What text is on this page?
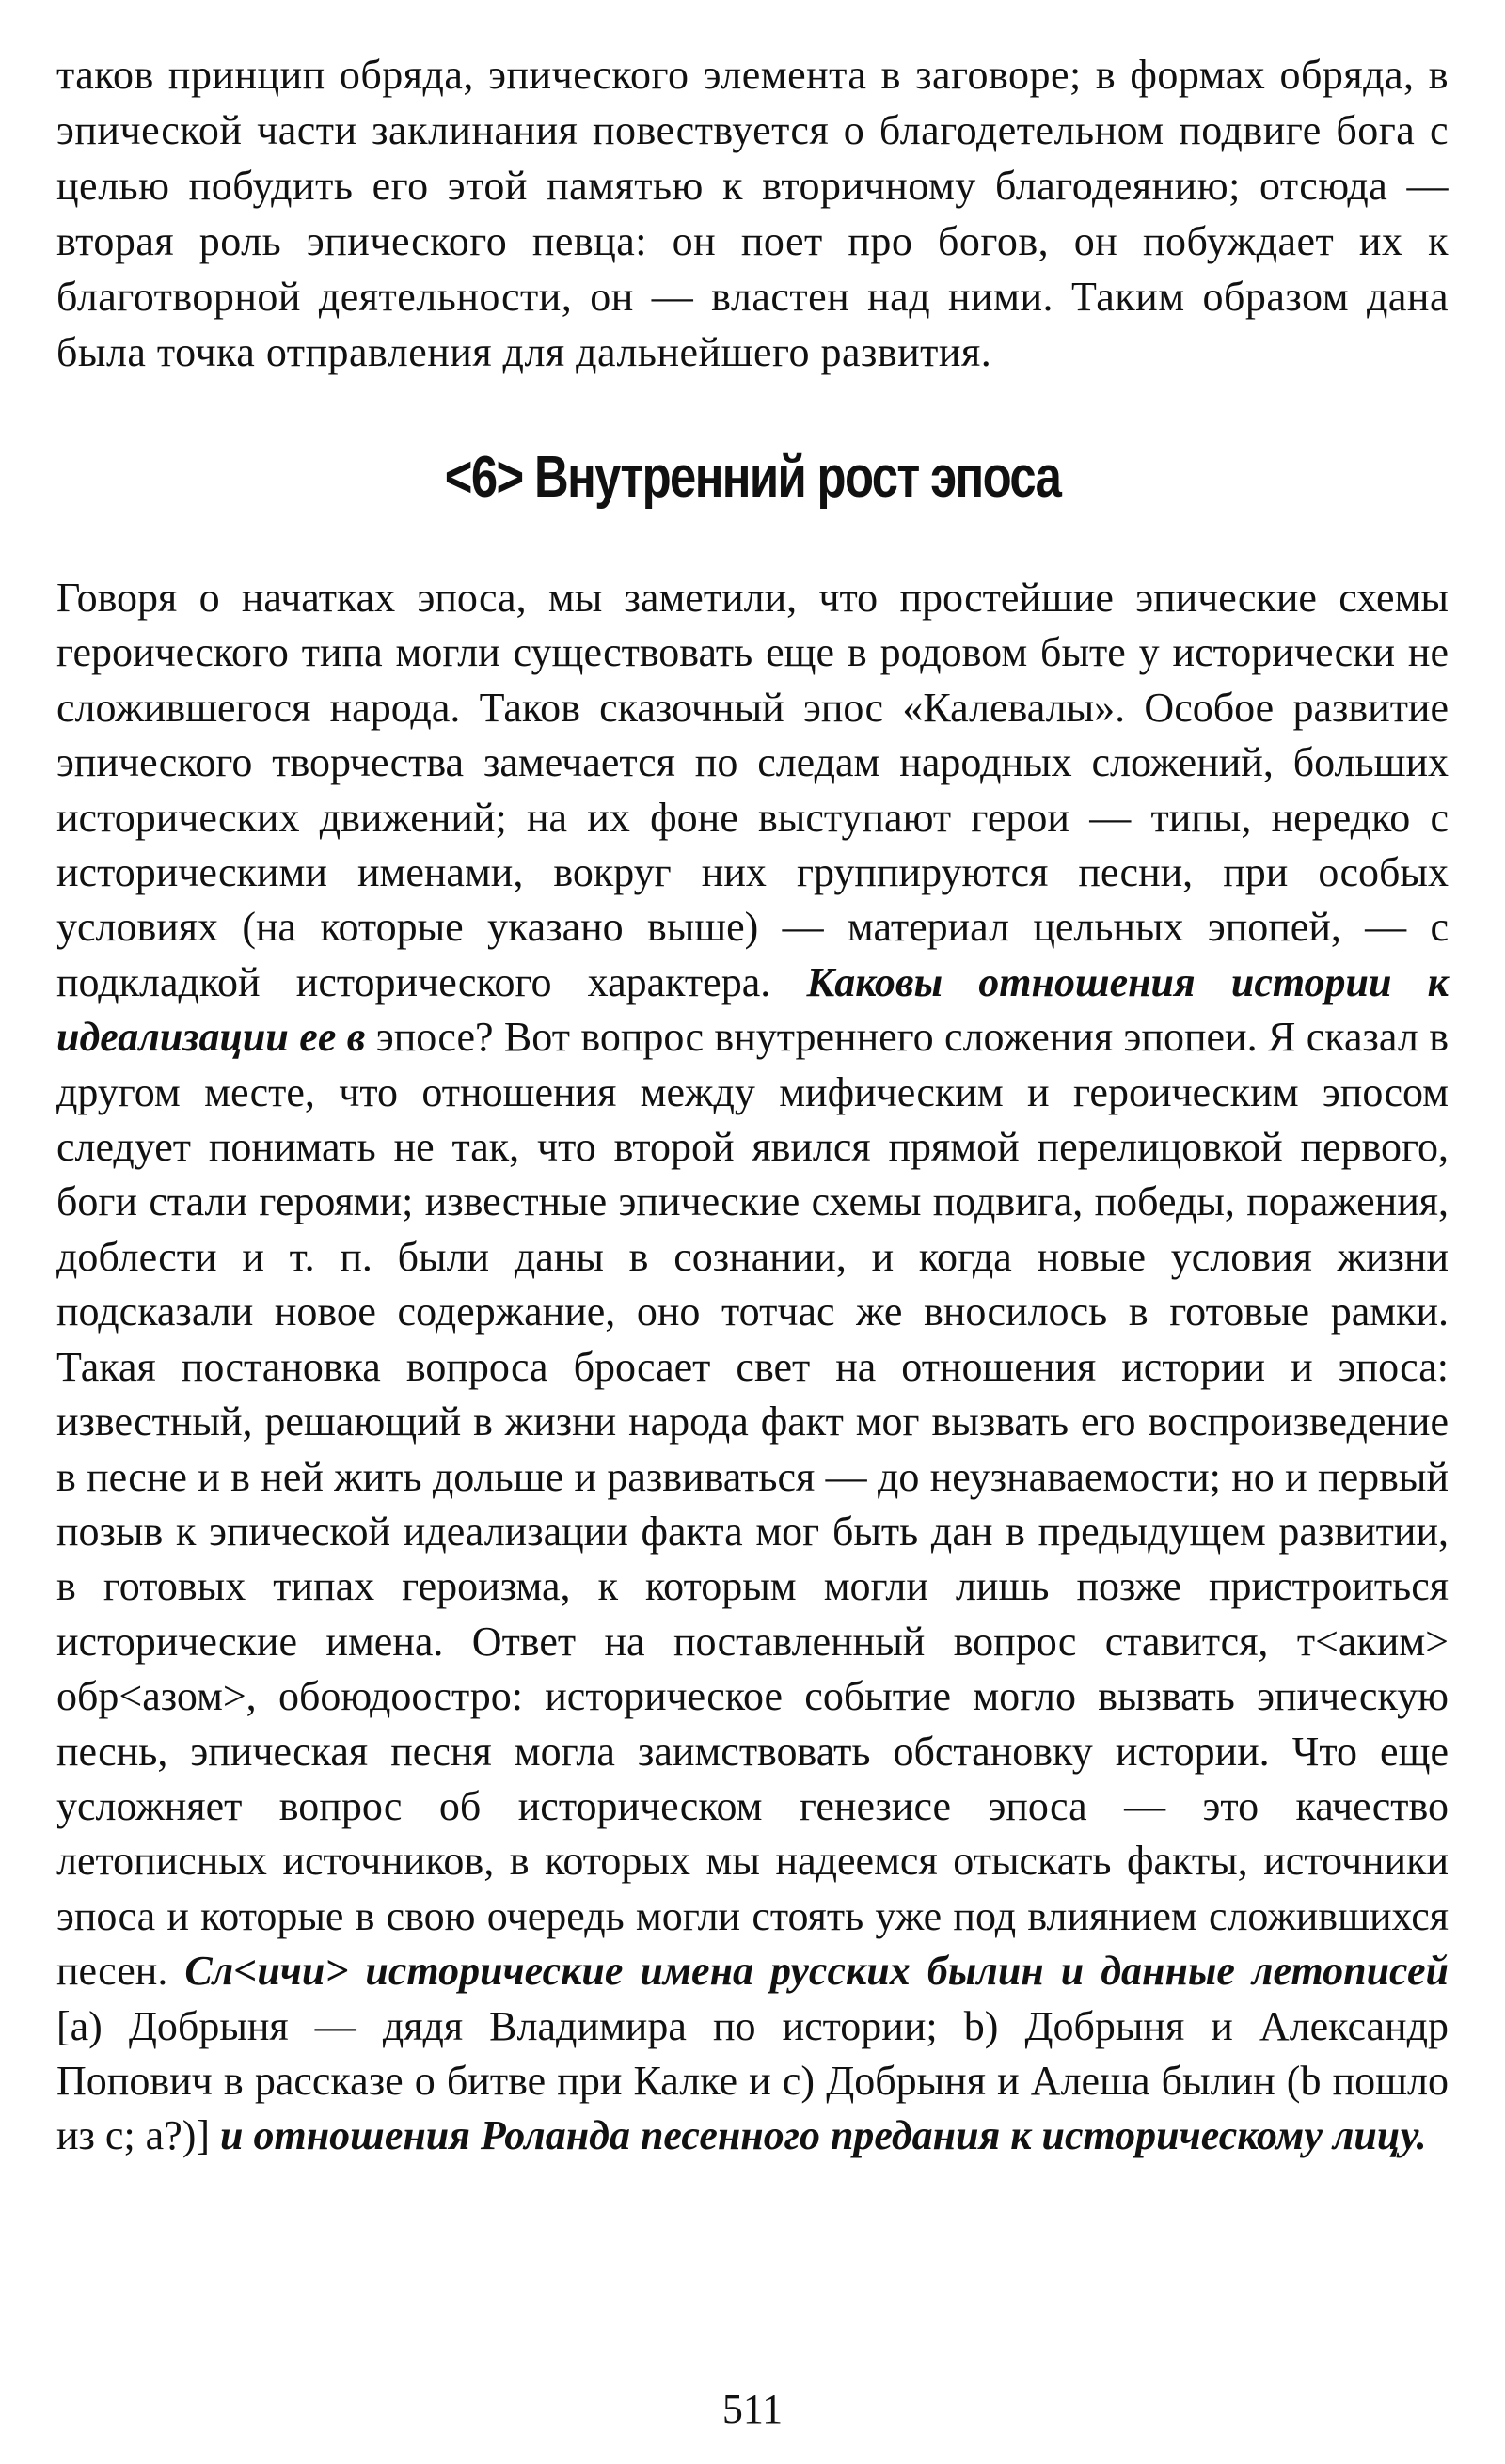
таков принцип обряда, эпического элемента в заговоре; в формах обряда, в эпической части заклинания повествуется о благодетельном подвиге бога с целью побудить его этой памятью к вторичному благодеянию; отсюда — вторая роль эпического певца: он поет про богов, он побуждает их к благотворной деятельности, он — властен над ними. Таким образом дана была точка отправления для дальнейшего развития.

<6> Внутренний рост эпоса

Говоря о начатках эпоса, мы заметили, что простейшие эпические схемы героического типа могли существовать еще в родовом быте у исторически не сложившегося народа. Таков сказочный эпос «Калевалы». Особое развитие эпического творчества замечается по следам народных сложений, больших исторических движений; на их фоне выступают герои — типы, нередко с историческими именами, вокруг них группируются песни, при особых условиях (на которые указано выше) — материал цельных эпопей, — с подкладкой исторического характера. Каковы отношения истории к идеализации ее в эпосе? Вот вопрос внутреннего сложения эпопеи. Я сказал в другом месте, что отношения между мифическим и героическим эпосом следует понимать не так, что второй явился прямой перелицовкой первого, боги стали героями; известные эпические схемы подвига, победы, поражения, доблести и т. п. были даны в сознании, и когда новые условия жизни подсказали новое содержание, оно тотчас же вносилось в готовые рамки. Такая постановка вопроса бросает свет на отношения истории и эпоса: известный, решающий в жизни народа факт мог вызвать его воспроизведение в песне и в ней жить дольше и развиваться — до неузнаваемости; но и первый позыв к эпической идеализации факта мог быть дан в предыдущем развитии, в готовых типах героизма, к которым могли лишь позже пристроиться исторические имена. Ответ на поставленный вопрос ставится, т<аким> обр<азом>, обоюдоостро: историческое событие могло вызвать эпическую песнь, эпическая песня могла заимствовать обстановку истории. Что еще усложняет вопрос об историческом генезисе эпоса — это качество летописных источников, в которых мы надеемся отыскать факты, источники эпоса и которые в свою очередь могли стоять уже под влиянием сложившихся песен. Сл<ичи> исторические имена русских былин и данные летописей [a) Добрыня — дядя Владимира по истории; b) Добрыня и Александр Попович в рассказе о битве при Калке и c) Добрыня и Алеша былин (b пошло из с; а?)] и отношения Роланда песенного предания к историческому лицу.

511
